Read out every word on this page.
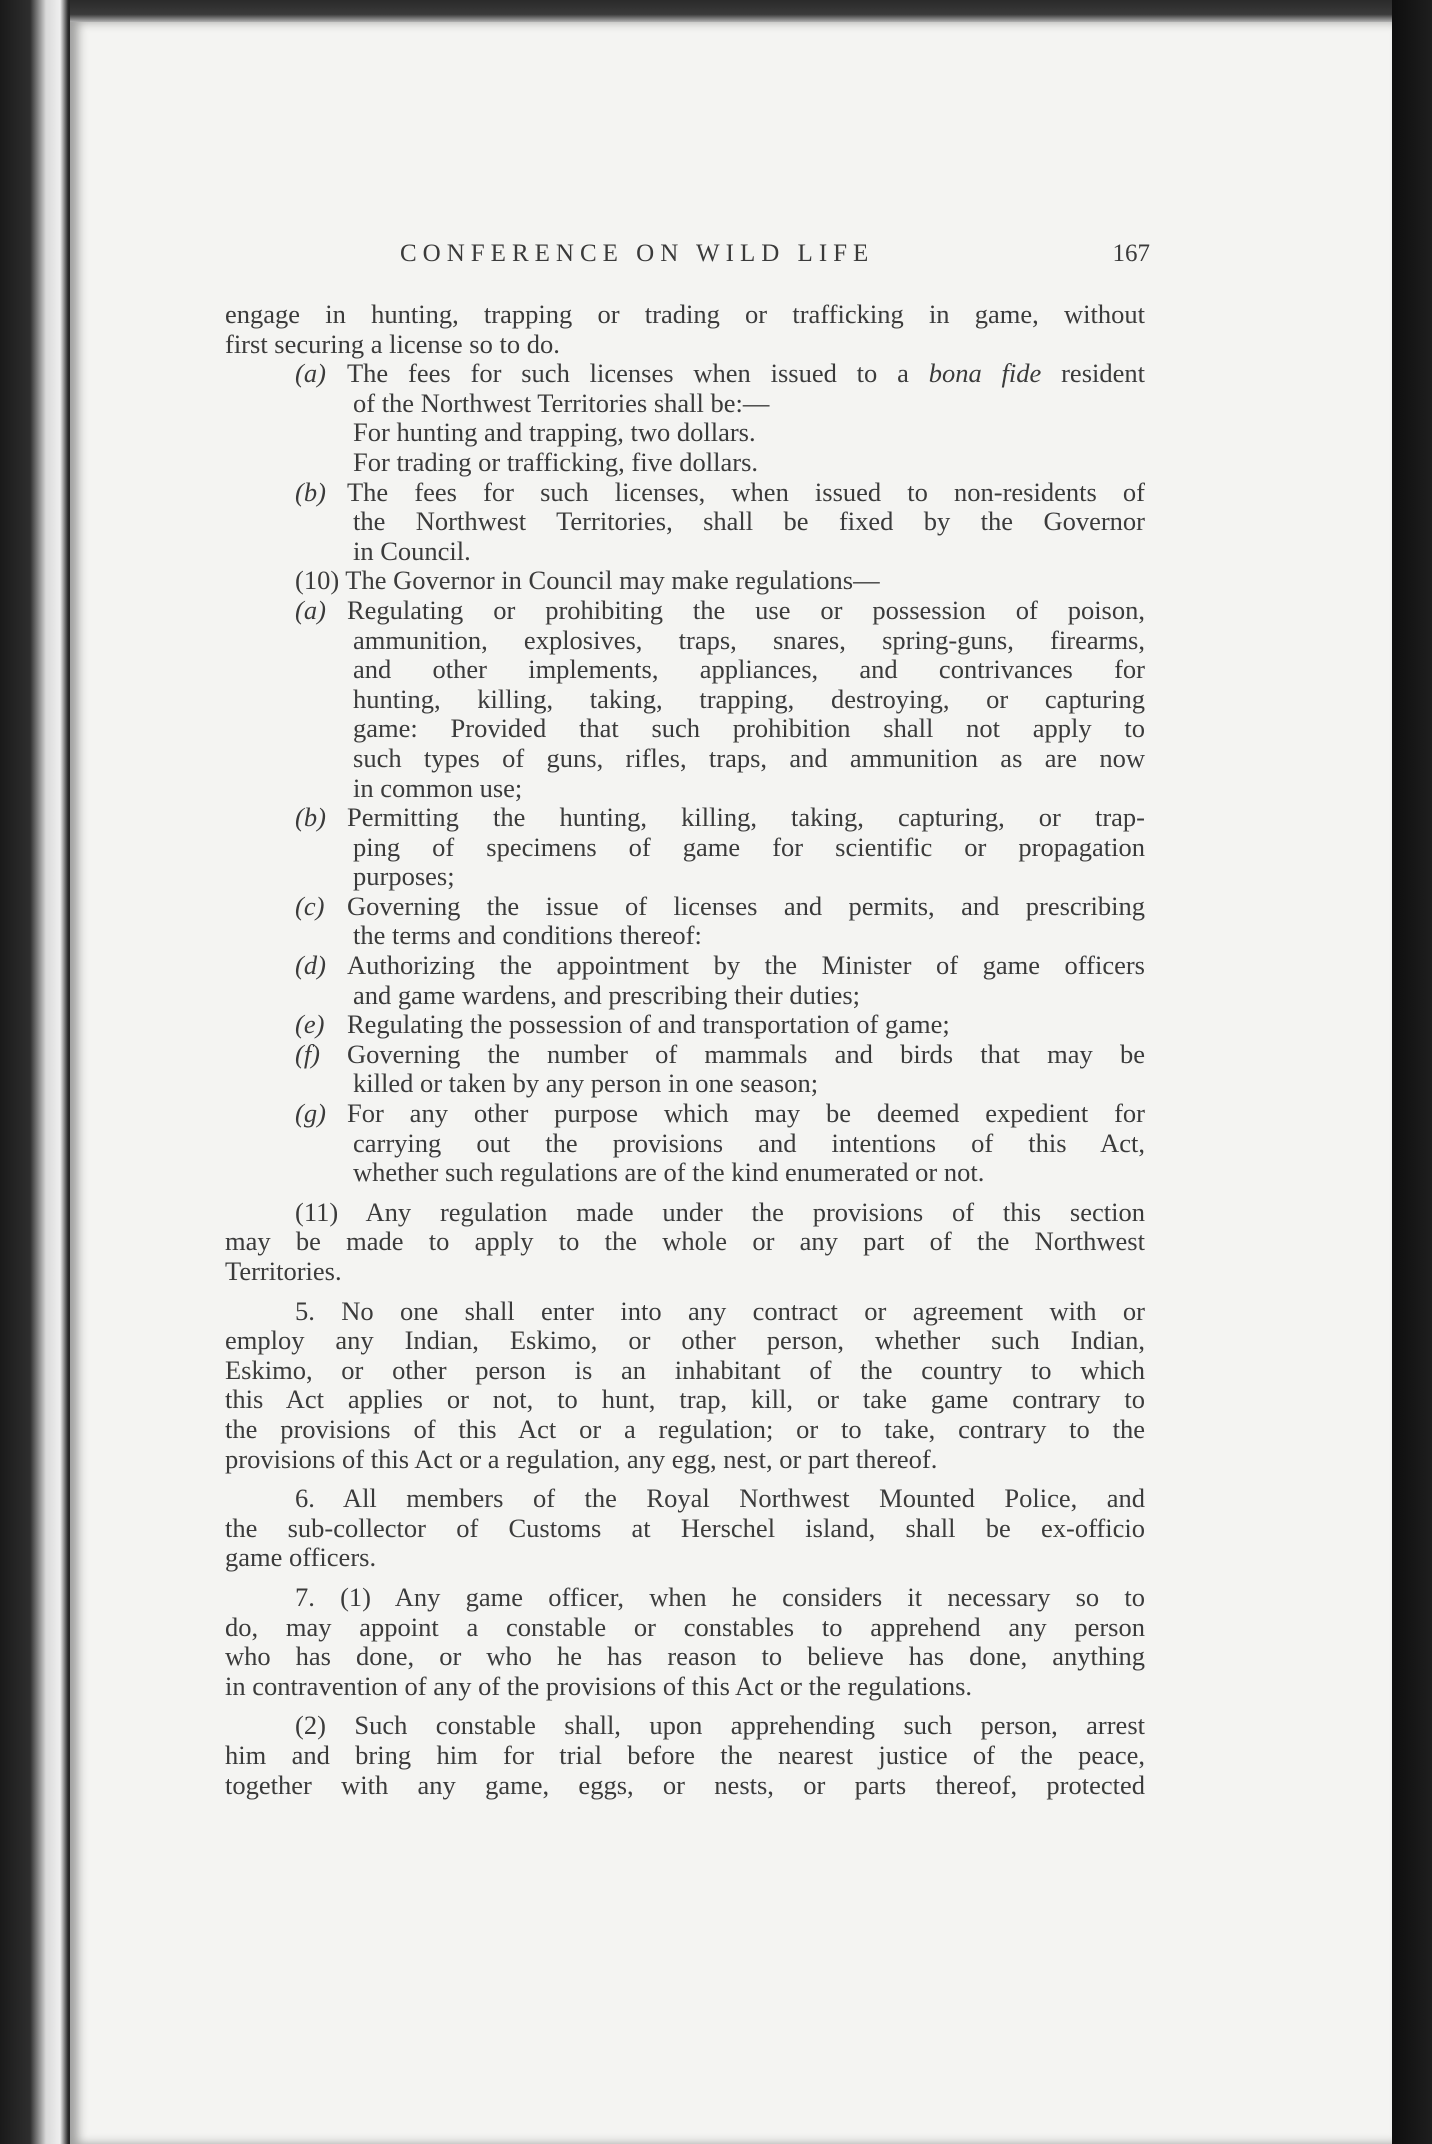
CONFERENCE ON WILD LIFE	167
engage in hunting, trapping or trading or trafficking in game, without
first securing a license so to do.
(a) The fees for such licenses when issued to a bona fide resident
of the Northwest Territories shall be:—
For hunting and trapping, two dollars.
For trading or trafficking, five dollars.
(b) The fees for such licenses, when issued to non-residents of
the Northwest Territories, shall be fixed by the Governor
in Council.
(10) The Governor in Council may make regulations—
(a) Regulating or prohibiting the use or possession of poison,
ammunition, explosives, traps, snares, spring-guns, firearms,
and other implements, appliances, and contrivances for
hunting, killing, taking, trapping, destroying, or capturing
game: Provided that such prohibition shall not apply to
such types of guns, rifles, traps, and ammunition as are now
in common use;
(b) Permitting the hunting, killing, taking, capturing, or trap-
ping of specimens of game for scientific or propagation
purposes;
(c) Governing the issue of licenses and permits, and prescribing
the terms and conditions thereof:
(d) Authorizing the appointment by the Minister of game officers
and game wardens, and prescribing their duties;
(e) Regulating the possession of and transportation of game;
(f) Governing the number of mammals and birds that may be
killed or taken by any person in one season;
(g) For any other purpose which may be deemed expedient for
carrying out the provisions and intentions of this Act,
whether such regulations are of the kind enumerated or not.
(11) Any regulation made under the provisions of this section
may be made to apply to the whole or any part of the Northwest
Territories.
5. No one shall enter into any contract or agreement with or
employ any Indian, Eskimo, or other person, whether such Indian,
Eskimo, or other person is an inhabitant of the country to which
this Act applies or not, to hunt, trap, kill, or take game contrary to
the provisions of this Act or a regulation; or to take, contrary to the
provisions of this Act or a regulation, any egg, nest, or part thereof.
6. All members of the Royal Northwest Mounted Police, and
the sub-collector of Customs at Herschel island, shall be ex-officio
game officers.
7. (1) Any game officer, when he considers it necessary so to
do, may appoint a constable or constables to apprehend any person
who has done, or who he has reason to believe has done, anything
in contravention of any of the provisions of this Act or the regulations.
(2) Such constable shall, upon apprehending such person, arrest
him and bring him for trial before the nearest justice of the peace,
together with any game, eggs, or nests, or parts thereof, protected
